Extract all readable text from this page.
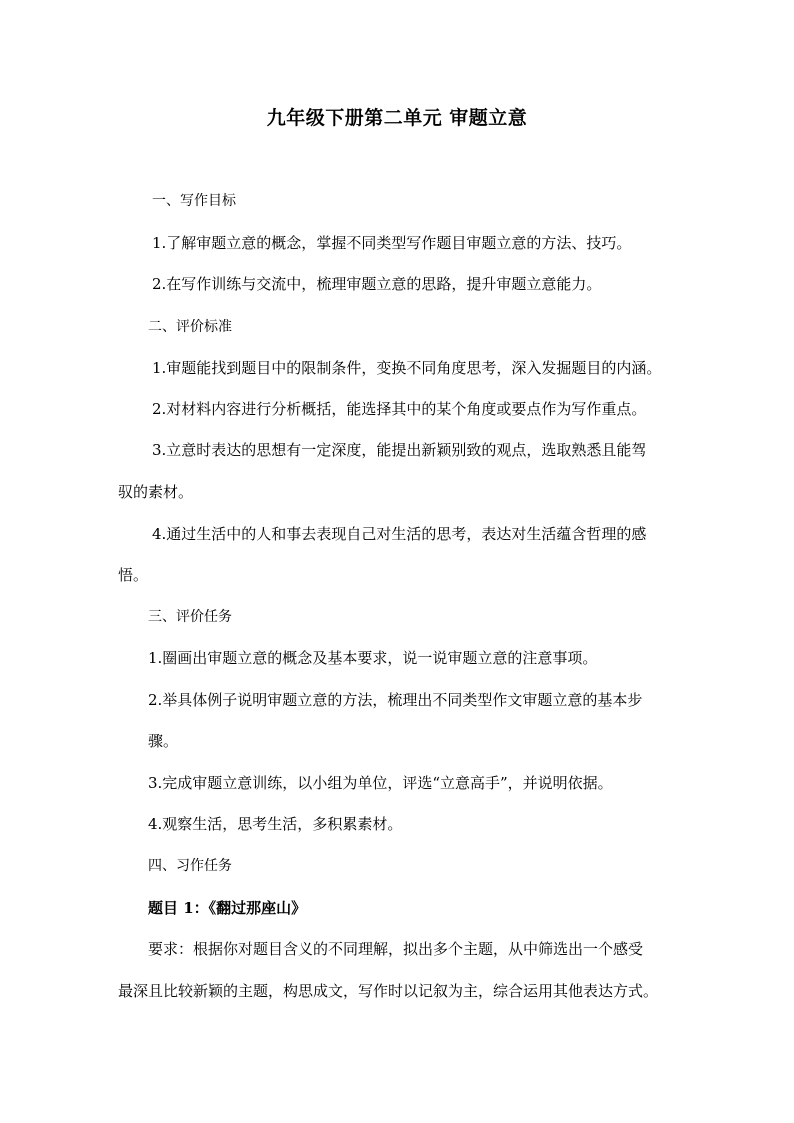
九年级下册第二单元 审题立意
一、写作目标
1.了解审题立意的概念，掌握不同类型写作题目审题立意的方法、技巧。
2.在写作训练与交流中，梳理审题立意的思路，提升审题立意能力。
二、评价标准
1.审题能找到题目中的限制条件，变换不同角度思考，深入发掘题目的内涵。
2.对材料内容进行分析概括，能选择其中的某个角度或要点作为写作重点。
3.立意时表达的思想有一定深度，能提出新颖别致的观点，选取熟悉且能驾
驭的素材。
4.通过生活中的人和事去表现自己对生活的思考，表达对生活蕴含哲理的感
悟。
三、评价任务
1.圈画出审题立意的概念及基本要求，说一说审题立意的注意事项。
2.举具体例子说明审题立意的方法，梳理出不同类型作文审题立意的基本步
骤。
3.完成审题立意训练，以小组为单位，评选“立意高手”，并说明依据。
4.观察生活，思考生活，多积累素材。
四、习作任务
题目 1：《翻过那座山》
要求：根据你对题目含义的不同理解，拟出多个主题，从中筛选出一个感受
最深且比较新颖的主题，构思成文，写作时以记叙为主，综合运用其他表达方式。
